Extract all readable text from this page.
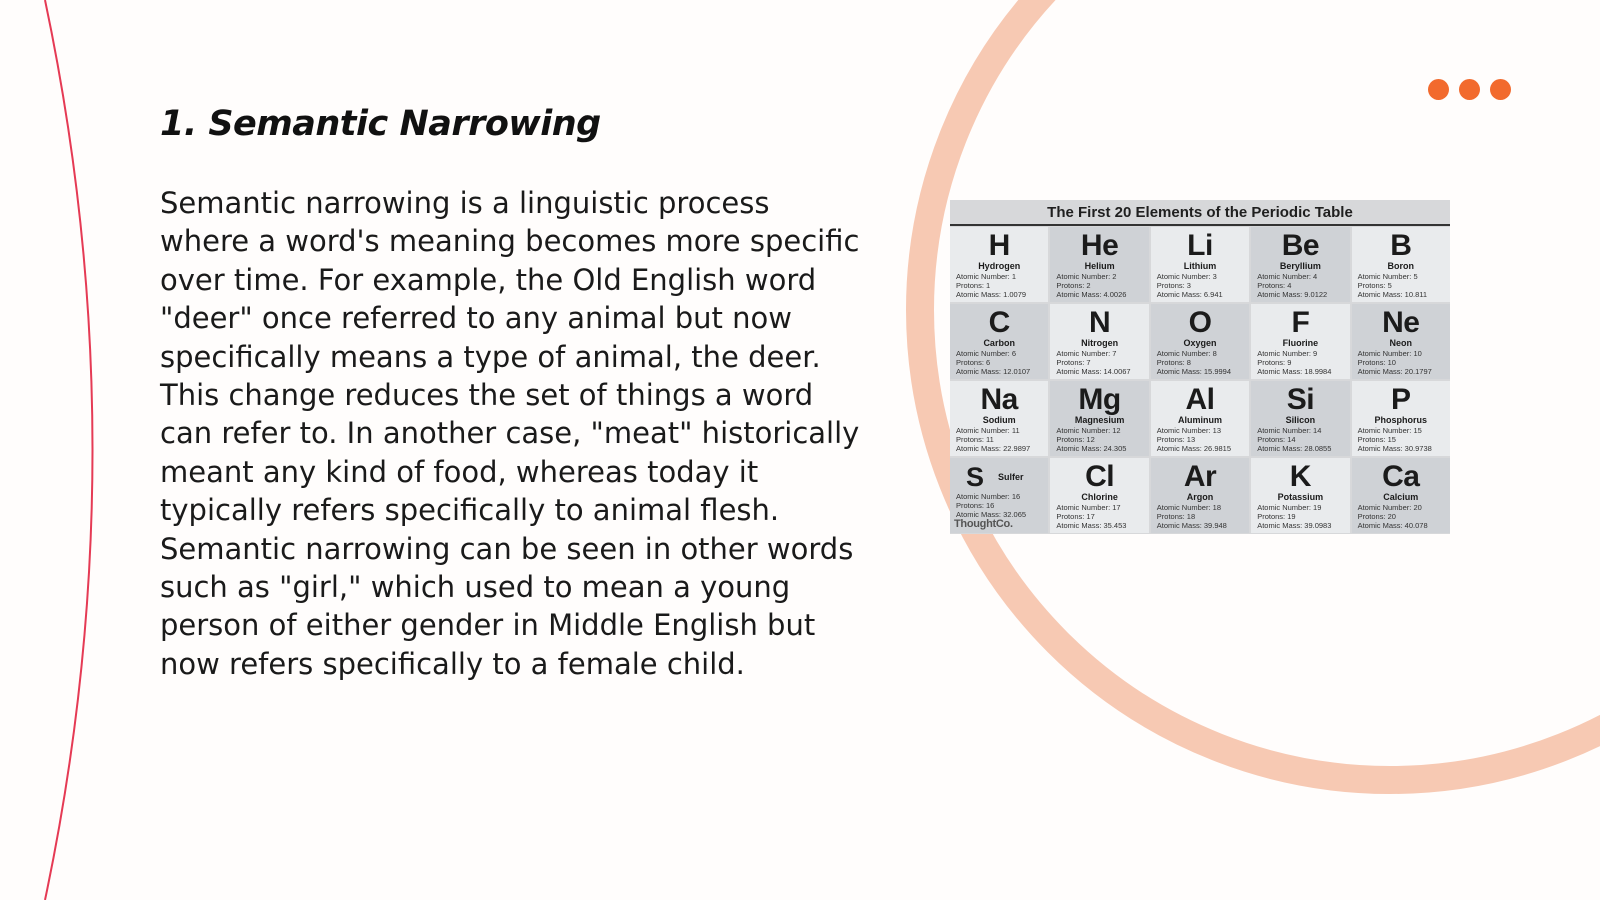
1. Semantic Narrowing

Semantic narrowing is a linguistic process where a word's meaning becomes more specific over time. For example, the Old English word "deer" once referred to any animal but now specifically means a type of animal, the deer. This change reduces the set of things a word can refer to. In another case, "meat" historically meant any kind of food, whereas today it typically refers specifically to animal flesh. Semantic narrowing can be seen in other words such as "girl," which used to mean a young person of either gender in Middle English but now refers specifically to a female child.

The First 20 Elements of the Periodic Table
H
Hydrogen
Atomic Number: 1
Protons: 1
Atomic Mass: 1.0079
He
Helium
Atomic Number: 2
Protons: 2
Atomic Mass: 4.0026
Li
Lithium
Atomic Number: 3
Protons: 3
Atomic Mass: 6.941
Be
Beryllium
Atomic Number: 4
Protons: 4
Atomic Mass: 9.0122
B
Boron
Atomic Number: 5
Protons: 5
Atomic Mass: 10.811
C
Carbon
Atomic Number: 6
Protons: 6
Atomic Mass: 12.0107
N
Nitrogen
Atomic Number: 7
Protons: 7
Atomic Mass: 14.0067
O
Oxygen
Atomic Number: 8
Protons: 8
Atomic Mass: 15.9994
F
Fluorine
Atomic Number: 9
Protons: 9
Atomic Mass: 18.9984
Ne
Neon
Atomic Number: 10
Protons: 10
Atomic Mass: 20.1797
Na
Sodium
Atomic Number: 11
Protons: 11
Atomic Mass: 22.9897
Mg
Magnesium
Atomic Number: 12
Protons: 12
Atomic Mass: 24.305
Al
Aluminum
Atomic Number: 13
Protons: 13
Atomic Mass: 26.9815
Si
Silicon
Atomic Number: 14
Protons: 14
Atomic Mass: 28.0855
P
Phosphorus
Atomic Number: 15
Protons: 15
Atomic Mass: 30.9738
S Sulfer
Atomic Number: 16
Protons: 16
Atomic Mass: 32.065
ThoughtCo.
Cl
Chlorine
Atomic Number: 17
Protons: 17
Atomic Mass: 35.453
Ar
Argon
Atomic Number: 18
Protons: 18
Atomic Mass: 39.948
K
Potassium
Atomic Number: 19
Protons: 19
Atomic Mass: 39.0983
Ca
Calcium
Atomic Number: 20
Protons: 20
Atomic Mass: 40.078
